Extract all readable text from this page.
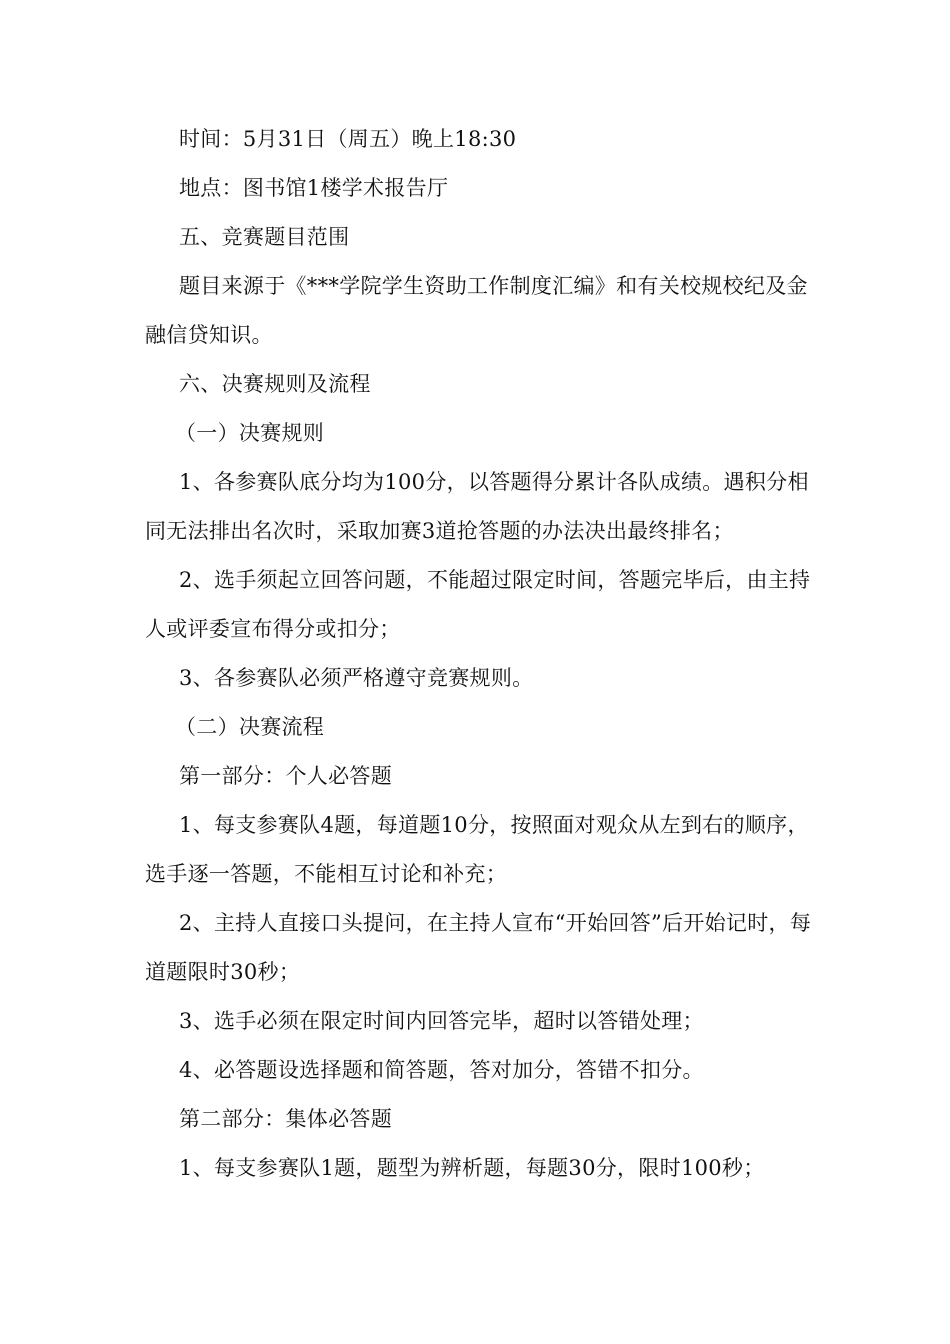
时间：5月31日（周五）晚上18:30

地点：图书馆1楼学术报告厅

五、竞赛题目范围

题目来源于《***学院学生资助工作制度汇编》和有关校规校纪及金融信贷知识。

六、决赛规则及流程

（一）决赛规则

1、各参赛队底分均为100分，以答题得分累计各队成绩。遇积分相同无法排出名次时，采取加赛3道抢答题的办法决出最终排名；

2、选手须起立回答问题，不能超过限定时间，答题完毕后，由主持人或评委宣布得分或扣分；

3、各参赛队必须严格遵守竞赛规则。

（二）决赛流程

第一部分：个人必答题

1、每支参赛队4题，每道题10分，按照面对观众从左到右的顺序，选手逐一答题，不能相互讨论和补充；

2、主持人直接口头提问，在主持人宣布“开始回答”后开始记时，每道题限时30秒；

3、选手必须在限定时间内回答完毕，超时以答错处理；

4、必答题设选择题和简答题，答对加分，答错不扣分。

第二部分：集体必答题

1、每支参赛队1题，题型为辨析题，每题30分，限时100秒；
